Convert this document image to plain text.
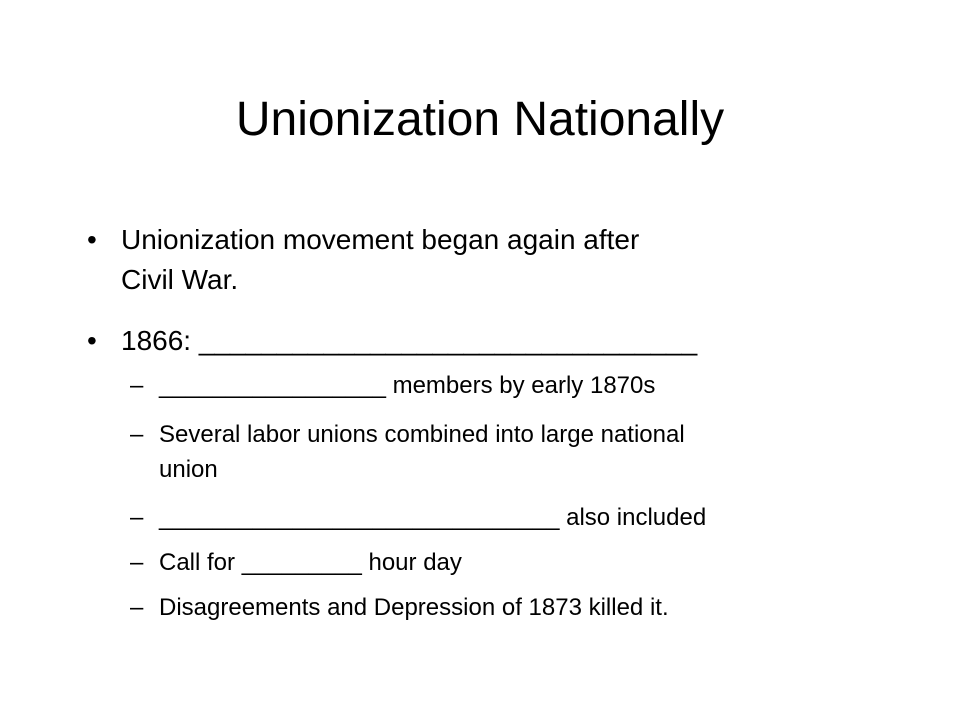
Unionization Nationally
• Unionization movement began again after
Civil War.
• 1866: ________________________________
– _________________ members by early 1870s
– Several labor unions combined into large national
union
– ______________________________ also included
– Call for _________ hour day
– Disagreements and Depression of 1873 killed it.
